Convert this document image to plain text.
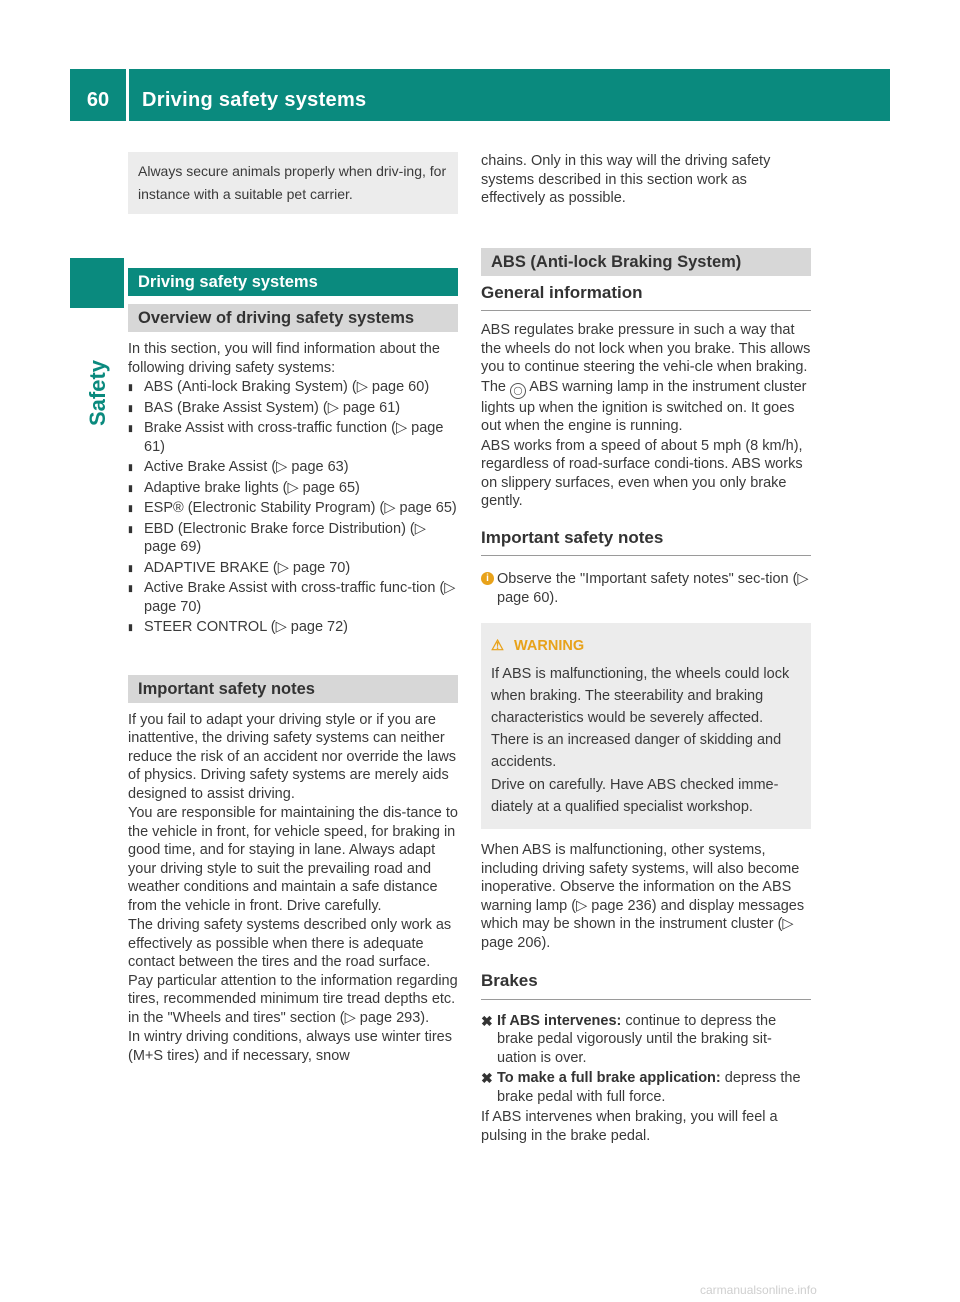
60	Driving safety systems
Safety
Always secure animals properly when driv-ing, for instance with a suitable pet carrier.
Driving safety systems
Overview of driving safety systems

In this section, you will find information about the following driving safety systems:

▮ ABS (Anti-lock Braking System) (▷ page 60)
▮ BAS (Brake Assist System) (▷ page 61)
▮ Brake Assist with cross-traffic function (▷ page 61)
▮ Active Brake Assist (▷ page 63)
▮ Adaptive brake lights (▷ page 65)
▮ ESP® (Electronic Stability Program) (▷ page 65)
▮ EBD (Electronic Brake force Distribution) (▷ page 69)
▮ ADAPTIVE BRAKE (▷ page 70)
▮ Active Brake Assist with cross-traffic func-tion (▷ page 70)
▮ STEER CONTROL (▷ page 72)
Important safety notes

If you fail to adapt your driving style or if you are inattentive, the driving safety systems can neither reduce the risk of an accident nor override the laws of physics. Driving safety systems are merely aids designed to assist driving.

You are responsible for maintaining the dis-tance to the vehicle in front, for vehicle speed, for braking in good time, and for staying in lane. Always adapt your driving style to suit the prevailing road and weather conditions and maintain a safe distance from the vehicle in front. Drive carefully.

The driving safety systems described only work as effectively as possible when there is adequate contact between the tires and the road surface. Pay particular attention to the information regarding tires, recommended minimum tire tread depths etc. in the "Wheels and tires" section (▷ page 293).

In wintry driving conditions, always use winter tires (M+S tires) and if necessary, snow

chains. Only in this way will the driving safety systems described in this section work as effectively as possible.

ABS (Anti-lock Braking System)
General information

ABS regulates brake pressure in such a way that the wheels do not lock when you brake. This allows you to continue steering the vehi-cle when braking.

The ◯ ABS warning lamp in the instrument cluster lights up when the ignition is switched on. It goes out when the engine is running.

ABS works from a speed of about 5 mph (8 km/h), regardless of road-surface condi-tions. ABS works on slippery surfaces, even when you only brake gently.

Important safety notes
i Observe the "Important safety notes" sec-tion (▷ page 60).
⚠ WARNING

If ABS is malfunctioning, the wheels could lock when braking. The steerability and braking characteristics would be severely affected. There is an increased danger of skidding and accidents.

Drive on carefully. Have ABS checked imme-diately at a qualified specialist workshop.

When ABS is malfunctioning, other systems, including driving safety systems, will also become inoperative. Observe the information on the ABS warning lamp (▷ page 236) and display messages which may be shown in the instrument cluster (▷ page 206).

Brakes
✖ If ABS intervenes: continue to depress the brake pedal vigorously until the braking sit-uation is over.
✖ To make a full brake application: depress the brake pedal with full force.

If ABS intervenes when braking, you will feel a pulsing in the brake pedal.

carmanualsonline.info
